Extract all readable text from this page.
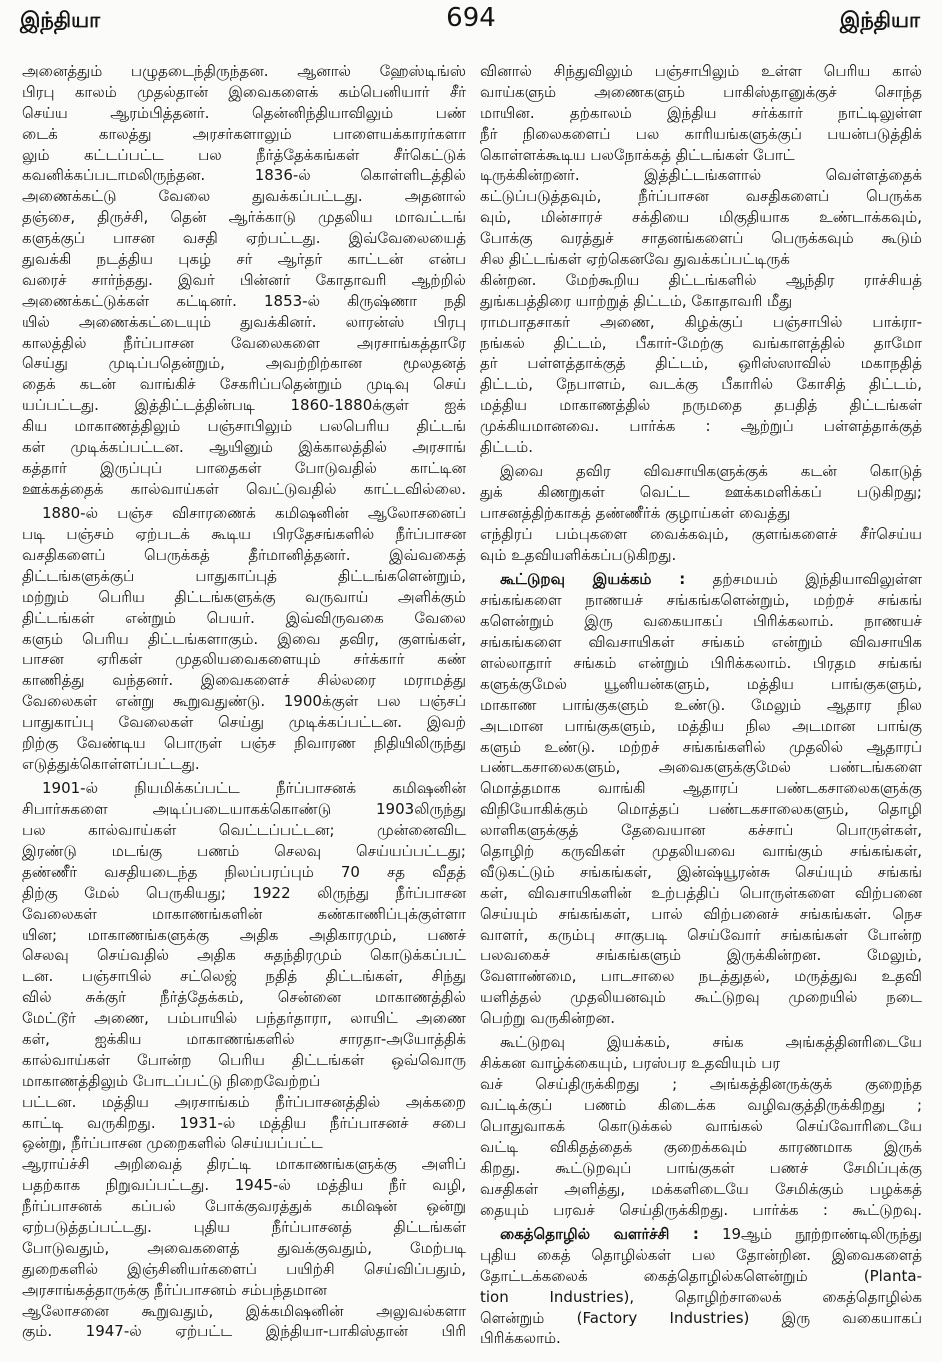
இந்தியா	694	இந்தியா
அனைத்தும் பழுதடைந்திருந்தன. ஆனால் ஹேஸ்டிங்ஸ்
பிரபு காலம் முதல்தான் இவைகளைக் கம்பெனியார் சீர்
செய்ய ஆரம்பித்தனர். தென்னிந்தியாவிலும் பண்
டைக் காலத்து அரசர்களாலும் பாளையக்காரர்களா
லும் கட்டப்பட்ட பல நீர்த்தேக்கங்கள் சீர்கெட்டுக்
கவனிக்கப்படாமலிருந்தன. 1836-ல் கொள்ளிடத்தில்
அணைக்கட்டு வேலை துவக்கப்பட்டது. அதனால்
தஞ்சை, திருச்சி, தென் ஆர்க்காடு முதலிய மாவட்டங்
களுக்குப் பாசன வசதி ஏற்பட்டது. இவ்வேலையைத்
துவக்கி நடத்திய புகழ் சர் ஆர்தர் காட்டன் என்ப
வரைச் சார்ந்தது. இவர் பின்னர் கோதாவரி ஆற்றில்
அணைக்கட்டுக்கள் கட்டினர். 1853-ல் கிருஷ்ணா நதி
யில் அணைக்கட்டையும் துவக்கினர். லாரன்ஸ் பிரபு
காலத்தில் நீர்ப்பாசன வேலைகளை அரசாங்கத்தாரே
செய்து முடிப்பதென்றும், அவற்றிற்கான மூலதனத்
தைக் கடன் வாங்கிச் சேகரிப்பதென்றும் முடிவு செய்
யப்பட்டது. இத்திட்டத்தின்படி 1860-1880க்குள் ஐக்
கிய மாகாணத்திலும் பஞ்சாபிலும் பலபெரிய திட்டங்
கள் முடிக்கப்பட்டன. ஆயினும் இக்காலத்தில் அரசாங்
கத்தார் இருப்புப் பாதைகள் போடுவதில் காட்டின
ஊக்கத்தைக் கால்வாய்கள் வெட்டுவதில் காட்டவில்லை.
1880-ல் பஞ்ச விசாரணைக் கமிஷனின் ஆலோசனைப்
படி பஞ்சம் ஏற்படக் கூடிய பிரதேசங்களில் நீர்ப்பாசன
வசதிகளைப் பெருக்கத் தீர்மானித்தனர். இவ்வகைத்
திட்டங்களுக்குப் பாதுகாப்புத் திட்டங்களென்றும்,
மற்றும் பெரிய திட்டங்களுக்கு வருவாய் அளிக்கும்
திட்டங்கள் என்றும் பெயர். இவ்விருவகை வேலை
களும் பெரிய திட்டங்களாகும். இவை தவிர, குளங்கள்,
பாசன ஏரிகள் முதலியவைகளையும் சர்க்கார் கண்
காணித்து வந்தனர். இவைகளைச் சில்லரை மராமத்து
வேலைகள் என்று கூறுவதுண்டு. 1900க்குள் பல பஞ்சப்
பாதுகாப்பு வேலைகள் செய்து முடிக்கப்பட்டன. இவற்
றிற்கு வேண்டிய பொருள் பஞ்ச நிவாரண நிதியிலிருந்து
எடுத்துக்கொள்ளப்பட்டது.
1901-ல் நியமிக்கப்பட்ட நீர்ப்பாசனக் கமிஷனின்
சிபார்சுகளை அடிப்படையாகக்கொண்டு 1903லிருந்து
பல கால்வாய்கள் வெட்டப்பட்டன; முன்னைவிட
இரண்டு மடங்கு பணம் செலவு செய்யப்பட்டது;
தண்ணீர் வசதியடைந்த நிலப்பரப்பும் 70 சத வீதத்
திற்கு மேல் பெருகியது; 1922 லிருந்து நீர்ப்பாசன
வேலைகள் மாகாணங்களின் கண்காணிப்புக்குள்ளா
யின; மாகாணங்களுக்கு அதிக அதிகாரமும், பணச்
செலவு செய்வதில் அதிக சுதந்திரமும் கொடுக்கப்பட்
டன. பஞ்சாபில் சட்லெஜ் நதித் திட்டங்கள், சிந்து
வில் சுக்குர் நீர்த்தேக்கம், சென்னை மாகாணத்தில்
மேட்டூர் அணை, பம்பாயில் பந்தர்தாரா, லாயிட் அணை
கள், ஐக்கிய மாகாணங்களில் சாரதா-அயோத்திக்
கால்வாய்கள் போன்ற பெரிய திட்டங்கள் ஒவ்வொரு
மாகாணத்திலும் போடப்பட்டு நிறைவேற்றப்
பட்டன. மத்திய அரசாங்கம் நீர்ப்பாசனத்தில் அக்கறை
காட்டி வருகிறது. 1931-ல் மத்திய நீர்ப்பாசனச் சபை
ஒன்று, நீர்ப்பாசன முறைகளில் செய்யப்பட்ட
ஆராய்ச்சி அறிவைத் திரட்டி மாகாணங்களுக்கு அளிப்
பதற்காக நிறுவப்பட்டது. 1945-ல் மத்திய நீர் வழி,
நீர்ப்பாசனக் கப்பல் போக்குவரத்துக் கமிஷன் ஒன்று
ஏற்படுத்தப்பட்டது. புதிய நீர்ப்பாசனத் திட்டங்கள்
போடுவதும், அவைகளைத் துவக்குவதும், மேற்படி
துறைகளில் இஞ்சினியர்களைப் பயிற்சி செய்விப்பதும்,
அரசாங்கத்தாருக்கு நீர்ப்பாசனம் சம்பந்தமான
ஆலோசனை கூறுவதும், இக்கமிஷனின் அலுவல்களா
கும். 1947-ல் ஏற்பட்ட இந்தியா-பாகிஸ்தான் பிரி
வினால் சிந்துவிலும் பஞ்சாபிலும் உள்ள பெரிய கால்
வாய்களும் அணைகளும் பாகிஸ்தானுக்குச் சொந்த
மாயின. தற்காலம் இந்திய சர்க்கார் நாட்டிலுள்ள
நீர் நிலைகளைப் பல காரியங்களுக்குப் பயன்படுத்திக்
கொள்ளக்கூடிய பலநோக்கத் திட்டங்கள் போட்
டிருக்கின்றனர். இத்திட்டங்களால் வெள்ளத்தைக்
கட்டுப்படுத்தவும், நீர்ப்பாசன வசதிகளைப் பெருக்க
வும், மின்சாரச் சக்தியை மிகுதியாக உண்டாக்கவும்,
போக்கு வரத்துச் சாதனங்களைப் பெருக்கவும் கூடும்
சில திட்டங்கள் ஏற்கெனவே துவக்கப்பட்டிருக்
கின்றன. மேற்கூறிய திட்டங்களில் ஆந்திர ராச்சியத்
துங்கபத்திரை யாற்றுத் திட்டம், கோதாவரி மீது
ராமபாதசாகர் அணை, கிழக்குப் பஞ்சாபில் பாக்ரா-
நங்கல் திட்டம், பீகார்-மேற்கு வங்காளத்தில் தாமோ
தர் பள்ளத்தாக்குத் திட்டம், ஒரிஸ்ஸாவில் மகாநதித்
திட்டம், நேபாளம், வடக்கு பீகாரில் கோசித் திட்டம்,
மத்திய மாகாணத்தில் நருமதை தபதித் திட்டங்கள்
முக்கியமானவை. பார்க்க : ஆற்றுப் பள்ளத்தாக்குத்
திட்டம்.
இவை தவிர விவசாயிகளுக்குக் கடன் கொடுத்
துக் கிணறுகள் வெட்ட ஊக்கமளிக்கப் படுகிறது;
பாசனத்திற்காகத் தண்ணீர்க் குழாய்கள் வைத்து
எந்திரப் பம்புகளை வைக்கவும், குளங்களைச் சீர்செய்ய
வும் உதவியளிக்கப்படுகிறது.
கூட்டுறவு இயக்கம் : தற்சமயம் இந்தியாவிலுள்ள
சங்கங்களை நாணயச் சங்கங்களென்றும், மற்றச் சங்கங்
களென்றும் இரு வகையாகப் பிரிக்கலாம். நாணயச்
சங்கங்களை விவசாயிகள் சங்கம் என்றும் விவசாயிக
ளல்லாதார் சங்கம் என்றும் பிரிக்கலாம். பிரதம சங்கங்
களுக்குமேல் யூனியன்களும், மத்திய பாங்குகளும்,
மாகாண பாங்குகளும் உண்டு. மேலும் ஆதார நில
அடமான பாங்குகளும், மத்திய நில அடமான பாங்கு
களும் உண்டு. மற்றச் சங்கங்களில் முதலில் ஆதாரப்
பண்டகசாலைகளும், அவைகளுக்குமேல் பண்டங்களை
மொத்தமாக வாங்கி ஆதாரப் பண்டகசாலைகளுக்கு
விநியோகிக்கும் மொத்தப் பண்டகசாலைகளும், தொழி
லாளிகளுக்குத் தேவையான கச்சாப் பொருள்கள்,
தொழிற் கருவிகள் முதலியவை வாங்கும் சங்கங்கள்,
வீடுகட்டும் சங்கங்கள், இன்ஷ்யூரன்சு செய்யும் சங்கங்
கள், விவசாயிகளின் உற்பத்திப் பொருள்களை விற்பனை
செய்யும் சங்கங்கள், பால் விற்பனைச் சங்கங்கள். நெச
வாளர், கரும்பு சாகுபடி செய்வோர் சங்கங்கள் போன்ற
பலவகைச் சங்கங்களும் இருக்கின்றன. மேலும்,
வேளாண்மை, பாடசாலை நடத்துதல், மருத்துவ உதவி
யளித்தல் முதலியனவும் கூட்டுறவு முறையில் நடை
பெற்று வருகின்றன.
கூட்டுறவு இயக்கம், சங்க அங்கத்தினரிடையே
சிக்கன வாழ்க்கையும், பரஸ்பர உதவியும் பர
வச் செய்திருக்கிறது ; அங்கத்தினருக்குக் குறைந்த
வட்டிக்குப் பணம் கிடைக்க வழிவகுத்திருக்கிறது ;
பொதுவாகக் கொடுக்கல் வாங்கல் செய்வோரிடையே
வட்டி விகிதத்தைக் குறைக்கவும் காரணமாக இருக்
கிறது. கூட்டுறவுப் பாங்குகள் பணச் சேமிப்புக்கு
வசதிகள் அளித்து, மக்களிடையே சேமிக்கும் பழக்கத்
தையும் பரவச் செய்திருக்கிறது. பார்க்க : கூட்டுறவு.
கைத்தொழில் வளர்ச்சி : 19ஆம் நூற்றாண்டிலிருந்து
புதிய கைத் தொழில்கள் பல தோன்றின. இவைகளைத்
தோட்டக்கலைக் கைத்தொழில்களென்றும் (Planta-
tion Industries), தொழிற்சாலைக் கைத்தொழில்க
ளென்றும் (Factory Industries) இரு வகையாகப்
பிரிக்கலாம்.
